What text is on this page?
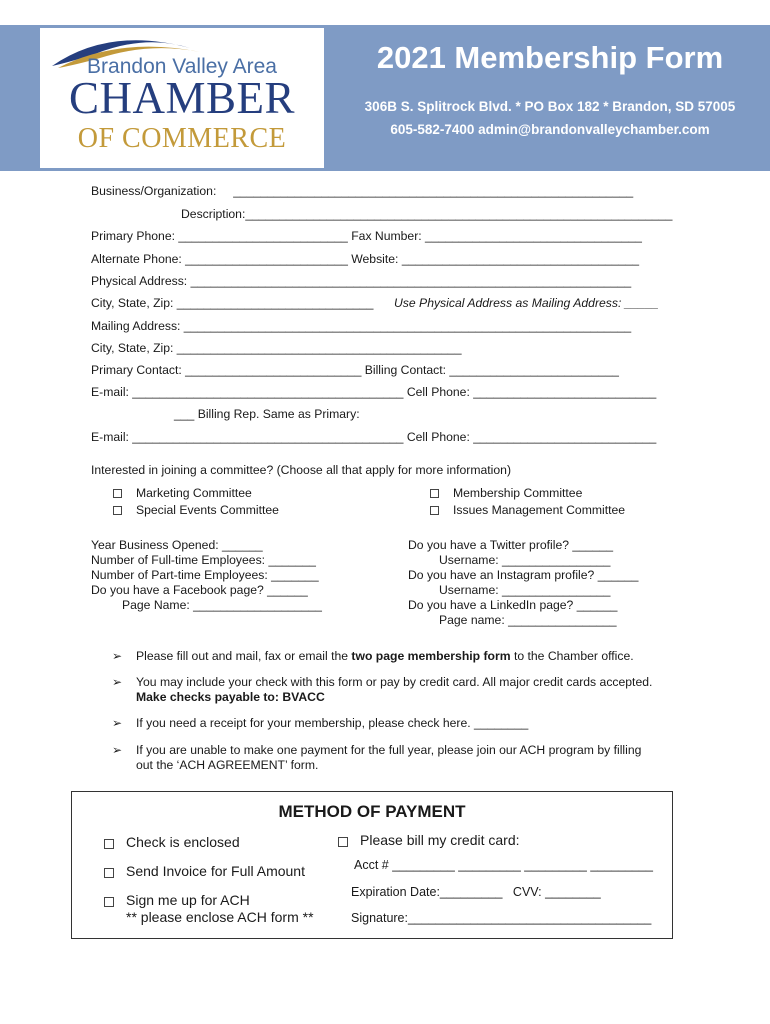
Brandon Valley Area
CHAMBER
OF COMMERCE
2021 Membership Form
306B S. Splitrock Blvd. * PO Box 182 * Brandon, SD 57005
605-582-7400 admin@brandonvalleychamber.com
Business/Organization:     ___________________________________________________________
Description:_______________________________________________________________
Primary Phone: _________________________ Fax Number: ________________________________
Alternate Phone: ________________________ Website: ___________________________________
Physical Address: _________________________________________________________________
City, State, Zip: _____________________________ Use Physical Address as Mailing Address: _____
Mailing Address: __________________________________________________________________
City, State, Zip: __________________________________________
Primary Contact: __________________________ Billing Contact: _________________________
E-mail: ________________________________________ Cell Phone: ___________________________
___ Billing Rep. Same as Primary:
E-mail: ________________________________________ Cell Phone: ___________________________
Interested in joining a committee? (Choose all that apply for more information)
Marketing Committee
Special Events Committee
Membership Committee
Issues Management Committee
Year Business Opened: ______
Number of Full-time Employees: _______
Number of Part-time Employees: _______
Do you have a Facebook page? ______
Page Name: ___________________
Do you have a Twitter profile? ______
Username: ________________
Do you have an Instagram profile? ______
Username: ________________
Do you have a LinkedIn page? ______
Page name: ________________
➢ Please fill out and mail, fax or email the two page membership form to the Chamber office.
➢ You may include your check with this form or pay by credit card. All major credit cards accepted.
Make checks payable to: BVACC
➢ If you need a receipt for your membership, please check here. ________
➢ If you are unable to make one payment for the full year, please join our ACH program by filling
out the ‘ACH AGREEMENT’ form.
METHOD OF PAYMENT
Check is enclosed
Send Invoice for Full Amount
Sign me up for ACH
** please enclose ACH form **
Please bill my credit card:
Acct # _________ _________ _________ _________
Expiration Date:_________   CVV: ________
Signature:___________________________________
